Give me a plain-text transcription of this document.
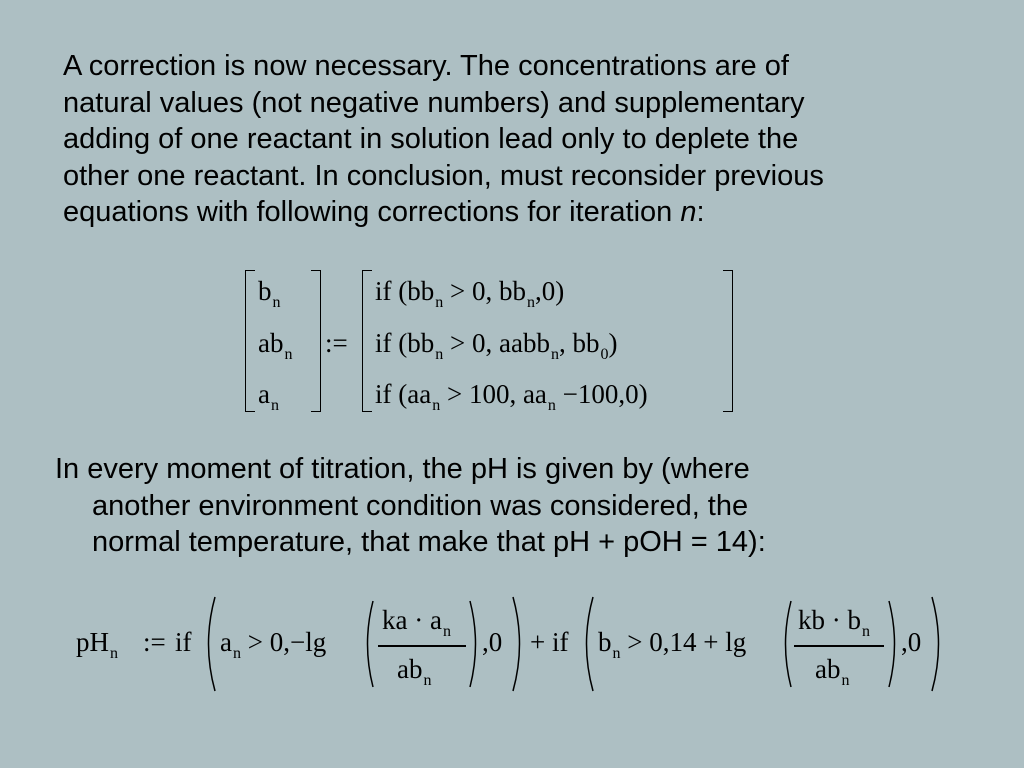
A correction is now necessary. The concentrations are of
natural values (not negative numbers) and supplementary
adding of one reactant in solution lead only to deplete the
other one reactant. In conclusion, must reconsider previous
equations with following corrections for iteration n:
$b_n$
$ab_n$
$a_n$
:=
if ($bb_n > 0$, $bb_n,0$)
if ($bb_n > 0$, aabb$_n$, $bb_0$)
if ($aa_n > 100$, $aa_n -100,0$)
In every moment of titration, the pH is given by (where
another environment condition was considered, the
normal temperature, that make that pH + pOH = 14):
$pH_n$ := if $a_n > 0,-\lg$
ka · $a_n$
$ab_n$
,0 + if $b_n > 0,14 + \lg$
kb · $b_n$
$ab_n$
,0
